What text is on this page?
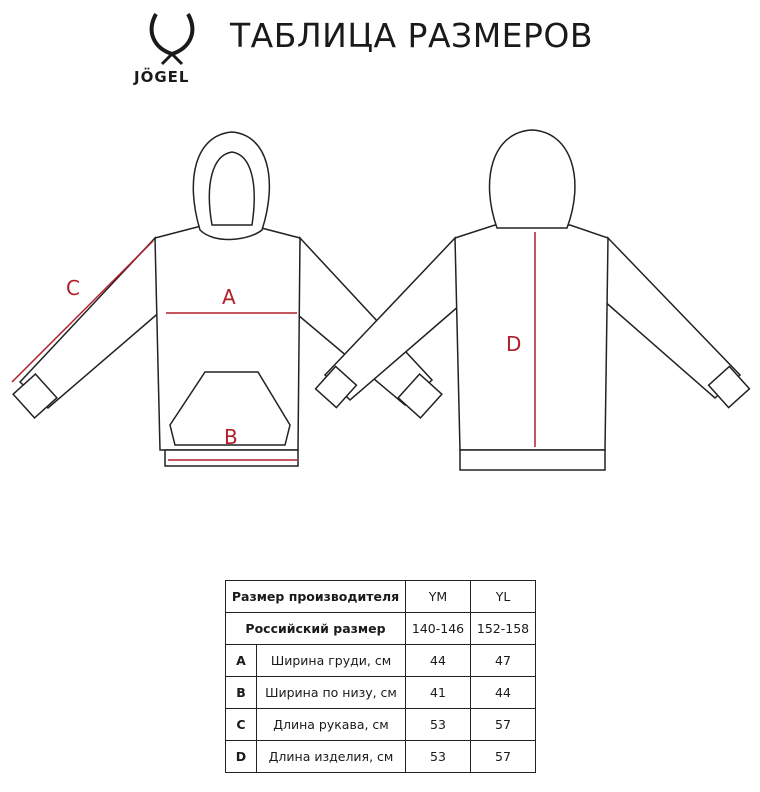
JÖGEL
ТАБЛИЦА РАЗМЕРОВ
A
B
C
D
Размер производителя		YM	YL
Российский размер		140-146	152-158
A	Ширина груди, см	44	47
B	Ширина по низу, см	41	44
C	Длина рукава, см	53	57
D	Длина изделия, см	53	57
